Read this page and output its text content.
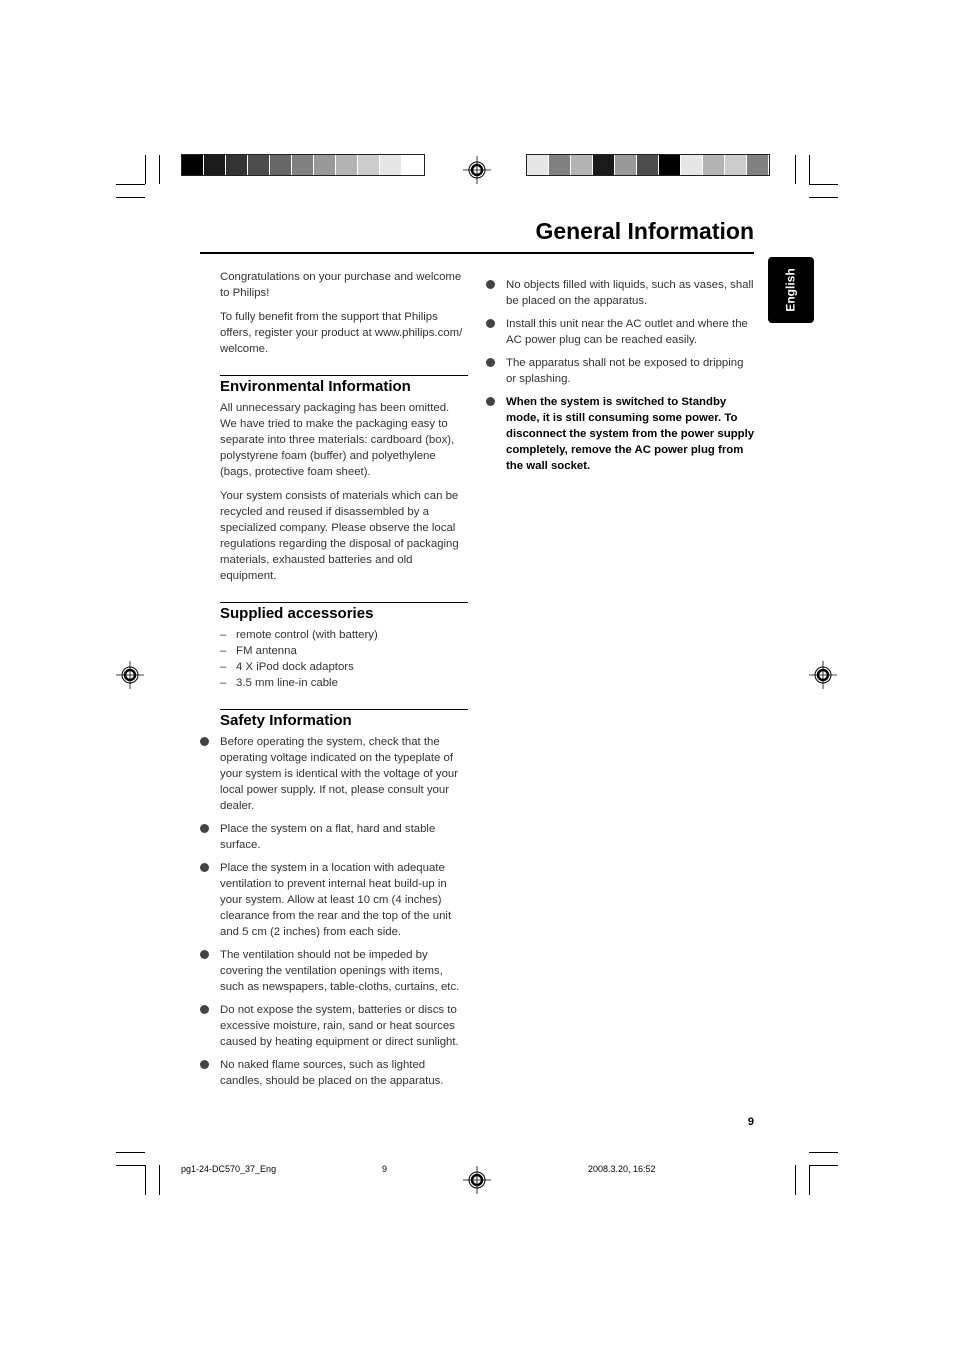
General Information
English

Congratulations on your purchase and welcome to Philips!

To fully benefit from the support that Philips offers, register your product at www.philips.com/ welcome.

Environmental Information

All unnecessary packaging has been omitted. We have tried to make the packaging easy to separate into three materials: cardboard (box), polystyrene foam (buffer) and polyethylene (bags, protective foam sheet).

Your system consists of materials which can be recycled and reused if disassembled by a specialized company. Please observe the local regulations regarding the disposal of packaging materials, exhausted batteries and old equipment.

Supplied accessories
– remote control (with battery)
– FM antenna
– 4 X iPod dock adaptors
– 3.5 mm line-in cable
Safety Information
Before operating the system, check that the operating voltage indicated on the typeplate of your system is identical with the voltage of your local power supply. If not, please consult your dealer.
Place the system on a flat, hard and stable surface.
Place the system in a location with adequate ventilation to prevent internal heat build-up in your system. Allow at least 10 cm (4 inches) clearance from the rear and the top of the unit and 5 cm (2 inches) from each side.
The ventilation should not be impeded by covering the ventilation openings with items, such as newspapers, table-cloths, curtains, etc.
Do not expose the system, batteries or discs to excessive moisture, rain, sand or heat sources caused by heating equipment or direct sunlight.
No naked flame sources, such as lighted candles, should be placed on the apparatus.
No objects filled with liquids, such as vases, shall be placed on the apparatus.
Install this unit near the AC outlet and where the AC power plug can be reached easily.
The apparatus shall not be exposed to dripping or splashing.
When the system is switched to Standby mode, it is still consuming some power. To disconnect the system from the power supply completely, remove the AC power plug from the wall socket.
9
pg1-24-DC570_37_Eng	9	2008.3.20, 16:52
